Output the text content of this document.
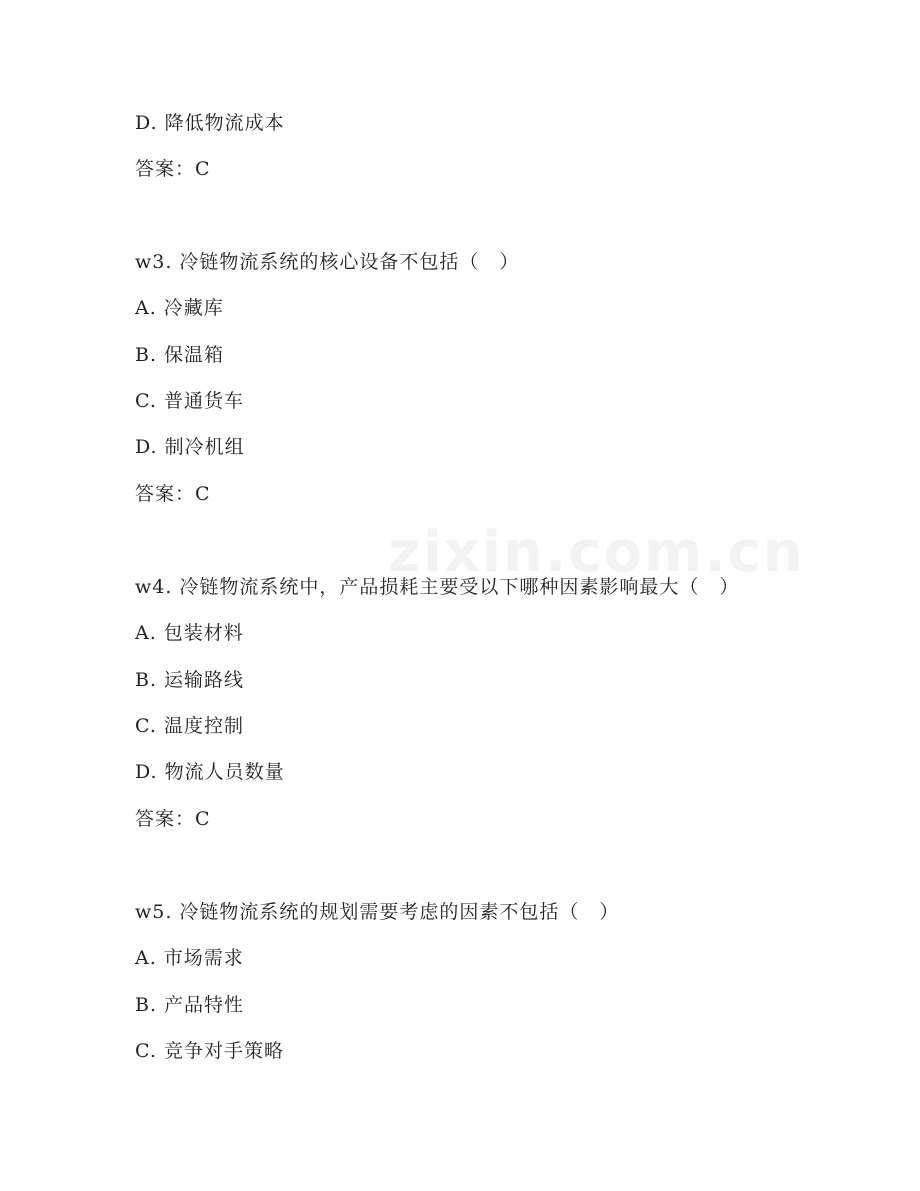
zixin.com.cn
D. 降低物流成本
答案：C
w3. 冷链物流系统的核心设备不包括（　）
A. 冷藏库
B. 保温箱
C. 普通货车
D. 制冷机组
答案：C
w4. 冷链物流系统中，产品损耗主要受以下哪种因素影响最大（　）
A. 包装材料
B. 运输路线
C. 温度控制
D. 物流人员数量
答案：C
w5. 冷链物流系统的规划需要考虑的因素不包括（　）
A. 市场需求
B. 产品特性
C. 竞争对手策略
